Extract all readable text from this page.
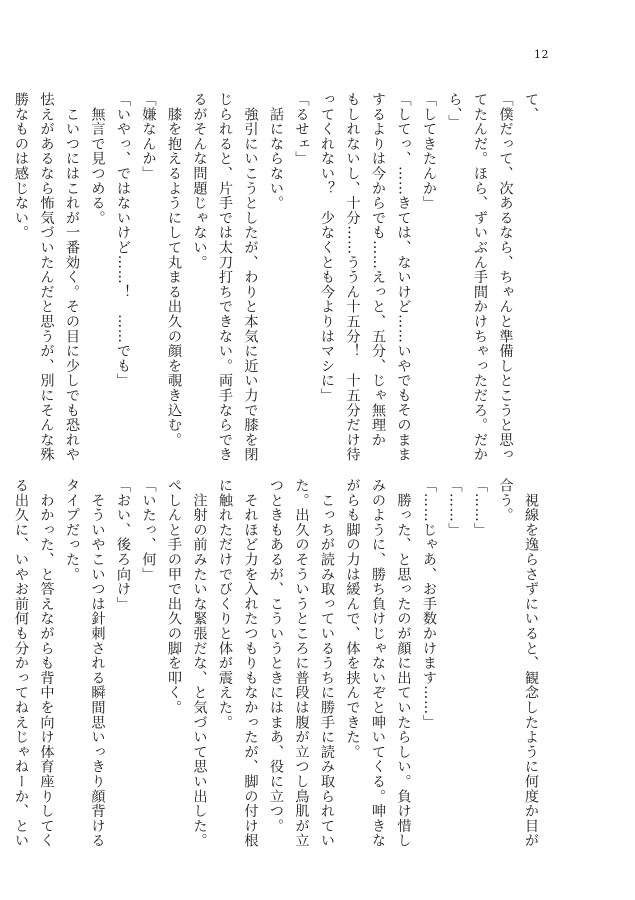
12
て、
「僕だって、次あるなら、ちゃんと準備しとこうと思っ
てたんだ。ほら、ずいぶん手間かけちゃっただろ。だか
ら、」
「してきたんか」
「してっ、……きては、ないけど……いやでもそのまま
するよりは今からでも……えっと、五分、じゃ無理か
もしれないし、十分……ううん十五分！　十五分だけ待
ってくれない？　少なくとも今よりはマシに」
「るせェ」
　話にならない。
　強引にいこうとしたが、わりと本気に近い力で膝を閉
じられると、片手では太刀打ちできない。両手ならでき
るがそんな問題じゃない。
　膝を抱えるようにして丸まる出久の顔を覗き込む。
「嫌なんか」
「いやっ、ではないけど……！　……でも」
　無言で見つめる。
　こいつにはこれが一番効く。その目に少しでも恐れや
怯えがあるなら怖気づいたんだと思うが、別にそんな殊
勝なものは感じない。
　視線を逸らさずにいると、観念したように何度か目が
合う。
「……」
「……」
「……じゃあ、お手数かけます……」
　勝った、と思ったのが顔に出ていたらしい。負け惜し
みのように、勝ち負けじゃないぞと呻いてくる。呻きな
がらも脚の力は緩んで、体を挟んできた。
　こっちが読み取っているうちに勝手に読み取られてい
た。出久のそういうところに普段は腹が立つし鳥肌が立
つときもあるが、こういうときにはまあ、役に立つ。
　それほど力を入れたつもりもなかったが、脚の付け根
に触れただけでびくりと体が震えた。
　注射の前みたいな緊張だな、と気づいて思い出した。
ぺしんと手の甲で出久の脚を叩く。
「いたっ、何」
「おい、後ろ向け」
　そういやこいつは針刺される瞬間思いっきり顔背ける
タイプだった。
　わかった、と答えながらも背中を向け体育座りしてく
る出久に、いやお前何も分かってねえじゃねーか、とい
